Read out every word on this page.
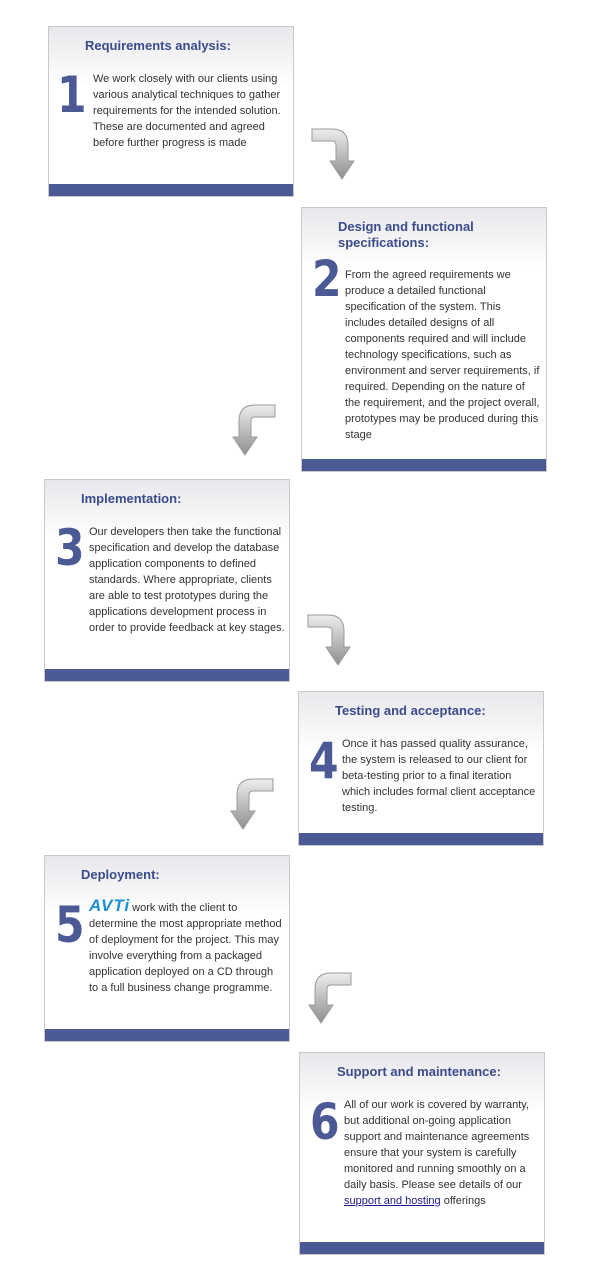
Requirements analysis:
1 We work closely with our clients using various analytical techniques to gather requirements for the intended solution. These are documented and agreed before further progress is made

Design and functional specifications:
2 From the agreed requirements we produce a detailed functional specification of the system. This includes detailed designs of all components required and will include technology specifications, such as environment and server requirements, if required. Depending on the nature of the requirement, and the project overall, prototypes may be produced during this stage

Implementation:
3 Our developers then take the functional specification and develop the database application components to defined standards. Where appropriate, clients are able to test prototypes during the applications development process in order to provide feedback at key stages.

Testing and acceptance:
4 Once it has passed quality assurance, the system is released to our client for beta-testing prior to a final iteration which includes formal client acceptance testing.

Deployment:
5 AVTi work with the client to determine the most appropriate method of deployment for the project. This may involve everything from a packaged application deployed on a CD through to a full business change programme.

Support and maintenance:
6 All of our work is covered by warranty, but additional on-going application support and maintenance agreements ensure that your system is carefully monitored and running smoothly on a daily basis. Please see details of our support and hosting offerings
